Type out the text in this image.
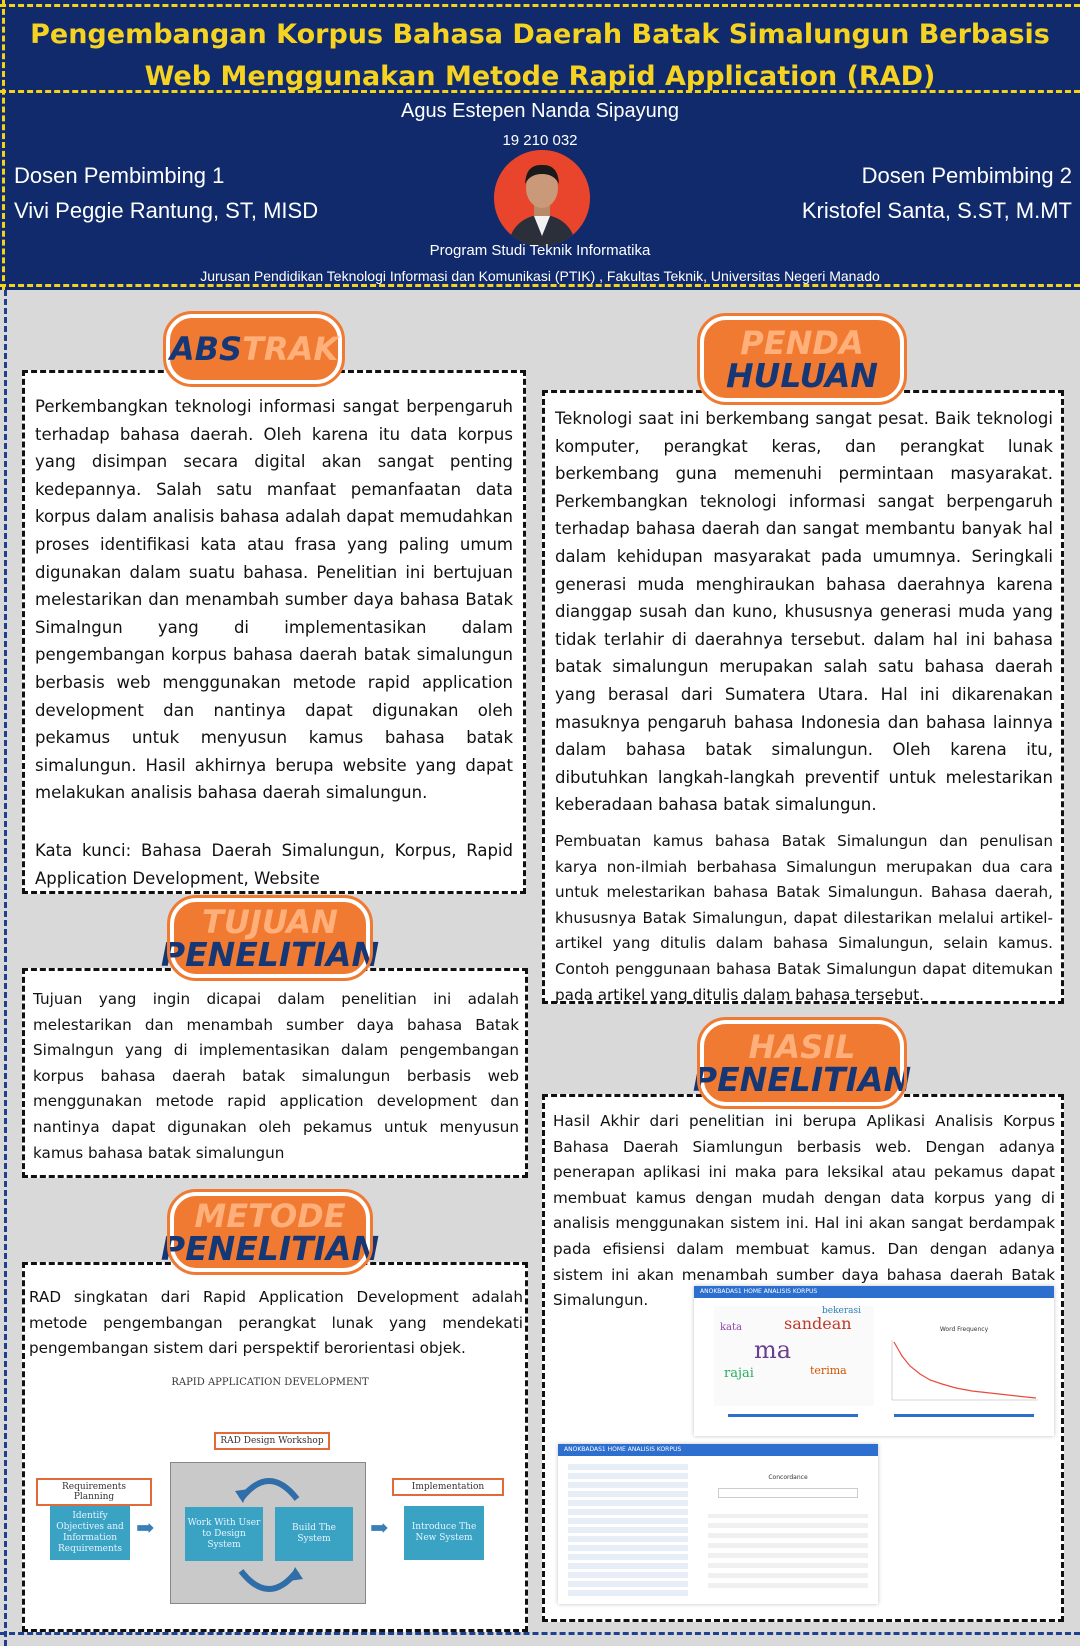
Pengembangan Korpus Bahasa Daerah Batak Simalungun Berbasis Web Menggunakan Metode Rapid Application (RAD)
Agus Estepen Nanda Sipayung
19 210 032
Dosen Pembimbing 1
Vivi Peggie Rantung, ST, MISD
Dosen Pembimbing 2
Kristofel Santa, S.ST, M.MT
Program Studi Teknik Informatika
Jurusan Pendidikan Teknologi Informasi dan Komunikasi (PTIK) , Fakultas Teknik, Universitas Negeri Manado
Perkembangkan teknologi informasi sangat berpengaruh terhadap bahasa daerah. Oleh karena itu data korpus yang disimpan secara digital akan sangat penting kedepannya. Salah satu manfaat pemanfaatan data korpus dalam analisis bahasa adalah dapat memudahkan proses identifikasi kata atau frasa yang paling umum digunakan dalam suatu bahasa. Penelitian ini bertujuan melestarikan dan menambah sumber daya bahasa Batak Simalngun yang di implementasikan dalam pengembangan korpus bahasa daerah batak simalungun berbasis web menggunakan metode rapid application development dan nantinya dapat digunakan oleh pekamus untuk menyusun kamus bahasa batak simalungun. Hasil akhirnya berupa website yang dapat melakukan analisis bahasa daerah simalungun.
Kata kunci: Bahasa Daerah Simalungun, Korpus, Rapid Application Development, Website
ABSTRAK
Teknologi saat ini berkembang sangat pesat. Baik teknologi komputer, perangkat keras, dan perangkat lunak berkembang guna memenuhi permintaan masyarakat. Perkembangkan teknologi informasi sangat berpengaruh terhadap bahasa daerah dan sangat membantu banyak hal dalam kehidupan masyarakat pada umumnya. Seringkali generasi muda menghiraukan bahasa daerahnya karena dianggap susah dan kuno, khususnya generasi muda yang tidak terlahir di daerahnya tersebut. dalam hal ini bahasa batak simalungun merupakan salah satu bahasa daerah yang berasal dari Sumatera Utara. Hal ini dikarenakan masuknya pengaruh bahasa Indonesia dan bahasa lainnya dalam bahasa batak simalungun. Oleh karena itu, dibutuhkan langkah-langkah preventif untuk melestarikan keberadaan bahasa batak simalungun.
Pembuatan kamus bahasa Batak Simalungun dan penulisan karya non-ilmiah berbahasa Simalungun merupakan dua cara untuk melestarikan bahasa Batak Simalungun. Bahasa daerah, khususnya Batak Simalungun, dapat dilestarikan melalui artikel-artikel yang ditulis dalam bahasa Simalungun, selain kamus. Contoh penggunaan bahasa Batak Simalungun dapat ditemukan pada artikel yang ditulis dalam bahasa tersebut.
PENDA
HULUAN
Tujuan yang ingin dicapai dalam penelitian ini adalah melestarikan dan menambah sumber daya bahasa Batak Simalngun yang di implementasikan dalam pengembangan korpus bahasa daerah batak simalungun berbasis web menggunakan metode rapid application development dan nantinya dapat digunakan oleh pekamus untuk menyusun kamus bahasa batak simalungun
TUJUAN
PENELITIAN
RAD singkatan dari Rapid Application Development adalah metode pengembangan perangkat lunak yang mendekati pengembangan sistem dari perspektif berorientasi objek.
METODE
PENELITIAN
RAPID APPLICATION DEVELOPMENT
RAD Design Workshop
Requirements Planning
Implementation
Identify Objectives and Information Requirements
➡	Work With User to Design System
Build The System	➡	Introduce The New System
Hasil Akhir dari penelitian ini berupa Aplikasi Analisis Korpus Bahasa Daerah Siamlungun berbasis web. Dengan adanya penerapan aplikasi ini maka para leksikal atau pekamus dapat membuat kamus dengan mudah dengan data korpus yang di analisis menggunakan sistem ini. Hal ini akan sangat berdampak pada efisiensi dalam membuat kamus. Dan dengan adanya sistem ini akan menambah sumber daya bahasa daerah Batak Simalungun.
HASIL
PENELITIAN
ANOKBADAS1 HOME ANALISIS KORPUS
ma
sandean
rajai	terima
bekerasi
kata	Word Frequency
ANOKBADAS1 HOME ANALISIS KORPUS
Concordance
